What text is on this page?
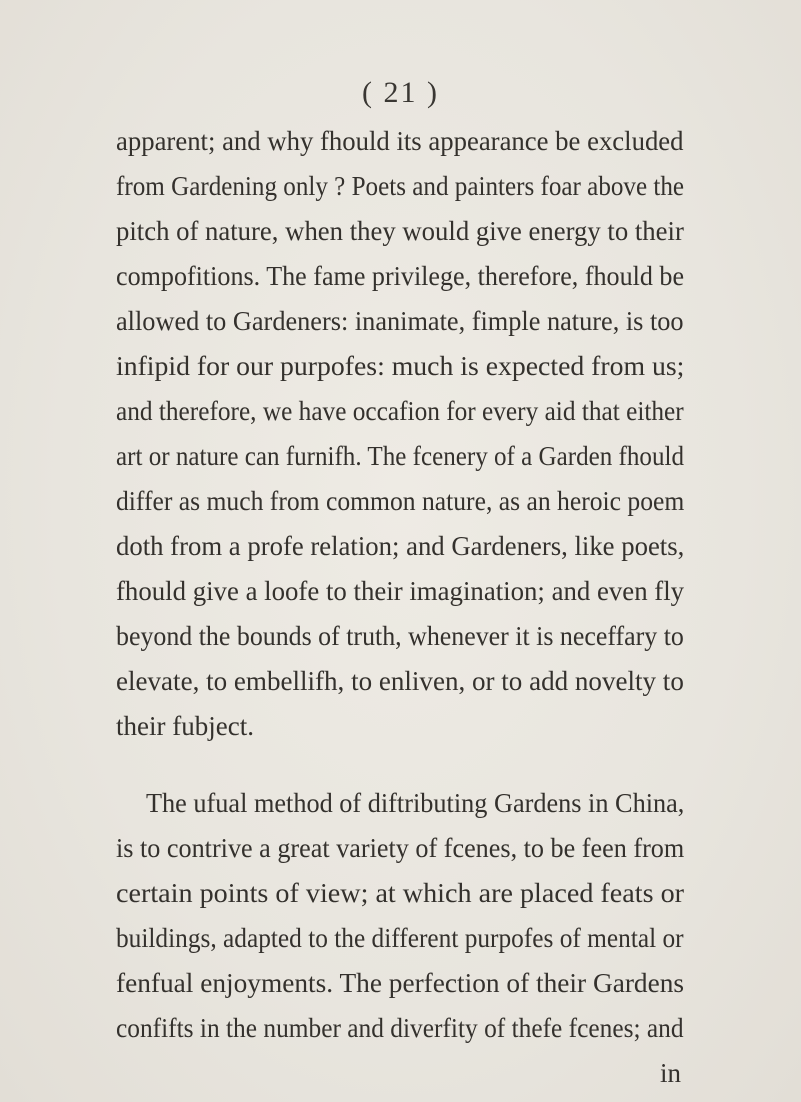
( 21 )
apparent; and why fhould its appearance be excluded
from Gardening only ? Poets and painters foar above the
pitch of nature, when they would give energy to their
compofitions. The fame privilege, therefore, fhould be
allowed to Gardeners: inanimate, fimple nature, is too
infipid for our purpofes: much is expected from us;
and therefore, we have occafion for every aid that either
art or nature can furnifh. The fcenery of a Garden fhould
differ as much from common nature, as an heroic poem
doth from a profe relation; and Gardeners, like poets,
fhould give a loofe to their imagination; and even fly
beyond the bounds of truth, whenever it is neceffary to
elevate, to embellifh, to enliven, or to add novelty to
their fubject.
The ufual method of diftributing Gardens in China,
is to contrive a great variety of fcenes, to be feen from
certain points of view; at which are placed feats or
buildings, adapted to the different purpofes of mental or
fenfual enjoyments. The perfection of their Gardens
confifts in the number and diverfity of thefe fcenes; and
in
